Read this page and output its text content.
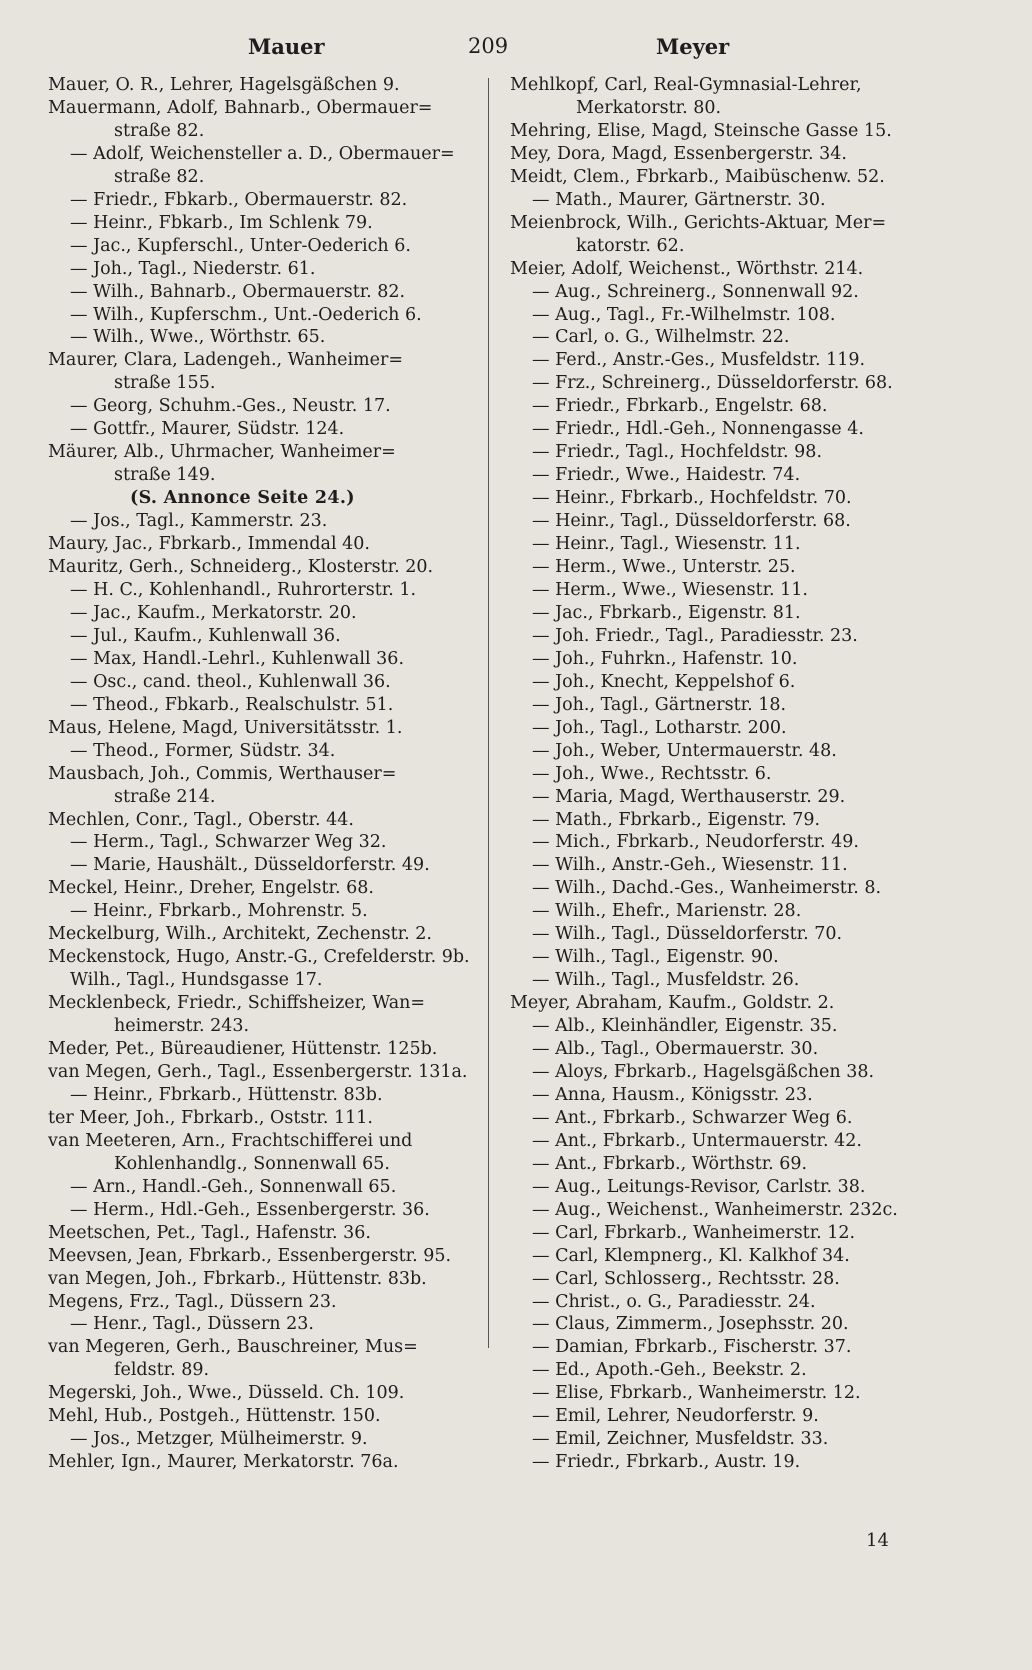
Mauer	209	Meyer
Mauer, O. R., Lehrer, Hagelsgäßchen 9.
Mauermann, Adolf, Bahnarb., Obermauer=
straße 82.
— Adolf, Weichensteller a. D., Obermauer=
straße 82.
— Friedr., Fbkarb., Obermauerstr. 82.
— Heinr., Fbkarb., Im Schlenk 79.
— Jac., Kupferschl., Unter-Oederich 6.
— Joh., Tagl., Niederstr. 61.
— Wilh., Bahnarb., Obermauerstr. 82.
— Wilh., Kupferschm., Unt.-Oederich 6.
— Wilh., Wwe., Wörthstr. 65.
Maurer, Clara, Ladengeh., Wanheimer=
straße 155.
— Georg, Schuhm.-Ges., Neustr. 17.
— Gottfr., Maurer, Südstr. 124.
Mäurer, Alb., Uhrmacher, Wanheimer=
straße 149.
(S. Annonce Seite 24.)
— Jos., Tagl., Kammerstr. 23.
Maury, Jac., Fbrkarb., Immendal 40.
Mauritz, Gerh., Schneiderg., Klosterstr. 20.
— H. C., Kohlenhandl., Ruhrorterstr. 1.
— Jac., Kaufm., Merkatorstr. 20.
— Jul., Kaufm., Kuhlenwall 36.
— Max, Handl.-Lehrl., Kuhlenwall 36.
— Osc., cand. theol., Kuhlenwall 36.
— Theod., Fbkarb., Realschulstr. 51.
Maus, Helene, Magd, Universitätsstr. 1.
— Theod., Former, Südstr. 34.
Mausbach, Joh., Commis, Werthauser=
straße 214.
Mechlen, Conr., Tagl., Oberstr. 44.
— Herm., Tagl., Schwarzer Weg 32.
— Marie, Haushält., Düsseldorferstr. 49.
Meckel, Heinr., Dreher, Engelstr. 68.
— Heinr., Fbrkarb., Mohrenstr. 5.
Meckelburg, Wilh., Architekt, Zechenstr. 2.
Meckenstock, Hugo, Anstr.-G., Crefelderstr. 9b.
Wilh., Tagl., Hundsgasse 17.
Mecklenbeck, Friedr., Schiffsheizer, Wan=
heimerstr. 243.
Meder, Pet., Büreaudiener, Hüttenstr. 125b.
van Megen, Gerh., Tagl., Essenbergerstr. 131a.
— Heinr., Fbrkarb., Hüttenstr. 83b.
ter Meer, Joh., Fbrkarb., Oststr. 111.
van Meeteren, Arn., Frachtschifferei und
Kohlenhandlg., Sonnenwall 65.
— Arn., Handl.-Geh., Sonnenwall 65.
— Herm., Hdl.-Geh., Essenbergerstr. 36.
Meetschen, Pet., Tagl., Hafenstr. 36.
Meevsen, Jean, Fbrkarb., Essenbergerstr. 95.
van Megen, Joh., Fbrkarb., Hüttenstr. 83b.
Megens, Frz., Tagl., Düssern 23.
— Henr., Tagl., Düssern 23.
van Megeren, Gerh., Bauschreiner, Mus=
feldstr. 89.
Megerski, Joh., Wwe., Düsseld. Ch. 109.
Mehl, Hub., Postgeh., Hüttenstr. 150.
— Jos., Metzger, Mülheimerstr. 9.
Mehler, Ign., Maurer, Merkatorstr. 76a.
Mehlkopf, Carl, Real-Gymnasial-Lehrer,
Merkatorstr. 80.
Mehring, Elise, Magd, Steinsche Gasse 15.
Mey, Dora, Magd, Essenbergerstr. 34.
Meidt, Clem., Fbrkarb., Maibüschenw. 52.
— Math., Maurer, Gärtnerstr. 30.
Meienbrock, Wilh., Gerichts-Aktuar, Mer=
katorstr. 62.
Meier, Adolf, Weichenst., Wörthstr. 214.
— Aug., Schreinerg., Sonnenwall 92.
— Aug., Tagl., Fr.-Wilhelmstr. 108.
— Carl, o. G., Wilhelmstr. 22.
— Ferd., Anstr.-Ges., Musfeldstr. 119.
— Frz., Schreinerg., Düsseldorferstr. 68.
— Friedr., Fbrkarb., Engelstr. 68.
— Friedr., Hdl.-Geh., Nonnengasse 4.
— Friedr., Tagl., Hochfeldstr. 98.
— Friedr., Wwe., Haidestr. 74.
— Heinr., Fbrkarb., Hochfeldstr. 70.
— Heinr., Tagl., Düsseldorferstr. 68.
— Heinr., Tagl., Wiesenstr. 11.
— Herm., Wwe., Unterstr. 25.
— Herm., Wwe., Wiesenstr. 11.
— Jac., Fbrkarb., Eigenstr. 81.
— Joh. Friedr., Tagl., Paradiesstr. 23.
— Joh., Fuhrkn., Hafenstr. 10.
— Joh., Knecht, Keppelshof 6.
— Joh., Tagl., Gärtnerstr. 18.
— Joh., Tagl., Lotharstr. 200.
— Joh., Weber, Untermauerstr. 48.
— Joh., Wwe., Rechtsstr. 6.
— Maria, Magd, Werthauserstr. 29.
— Math., Fbrkarb., Eigenstr. 79.
— Mich., Fbrkarb., Neudorferstr. 49.
— Wilh., Anstr.-Geh., Wiesenstr. 11.
— Wilh., Dachd.-Ges., Wanheimerstr. 8.
— Wilh., Ehefr., Marienstr. 28.
— Wilh., Tagl., Düsseldorferstr. 70.
— Wilh., Tagl., Eigenstr. 90.
— Wilh., Tagl., Musfeldstr. 26.
Meyer, Abraham, Kaufm., Goldstr. 2.
— Alb., Kleinhändler, Eigenstr. 35.
— Alb., Tagl., Obermauerstr. 30.
— Aloys, Fbrkarb., Hagelsgäßchen 38.
— Anna, Hausm., Königsstr. 23.
— Ant., Fbrkarb., Schwarzer Weg 6.
— Ant., Fbrkarb., Untermauerstr. 42.
— Ant., Fbrkarb., Wörthstr. 69.
— Aug., Leitungs-Revisor, Carlstr. 38.
— Aug., Weichenst., Wanheimerstr. 232c.
— Carl, Fbrkarb., Wanheimerstr. 12.
— Carl, Klempnerg., Kl. Kalkhof 34.
— Carl, Schlosserg., Rechtsstr. 28.
— Christ., o. G., Paradiesstr. 24.
— Claus, Zimmerm., Josephsstr. 20.
— Damian, Fbrkarb., Fischerstr. 37.
— Ed., Apoth.-Geh., Beekstr. 2.
— Elise, Fbrkarb., Wanheimerstr. 12.
— Emil, Lehrer, Neudorferstr. 9.
— Emil, Zeichner, Musfeldstr. 33.
— Friedr., Fbrkarb., Austr. 19.
14
